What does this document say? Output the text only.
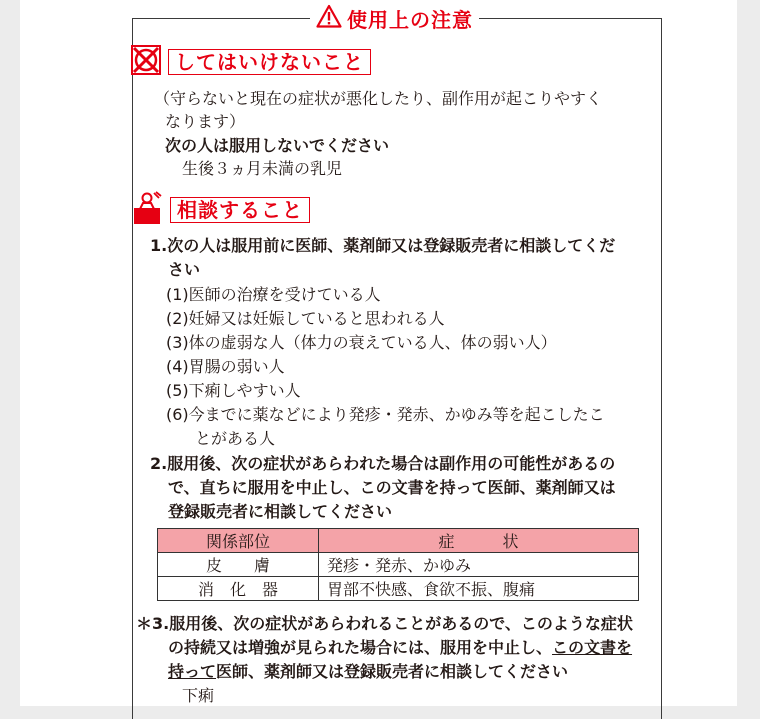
使用上の注意
してはいけないこと
（守らないと現在の症状が悪化したり、副作用が起こりやすく
なります）
次の人は服用しないでください
生後３ヵ月未満の乳児
相談すること
1.次の人は服用前に医師、薬剤師又は登録販売者に相談してくだ
さい
(1)医師の治療を受けている人
(2)妊婦又は妊娠していると思われる人
(3)体の虚弱な人（体力の衰えている人、体の弱い人）
(4)胃腸の弱い人
(5)下痢しやすい人
(6)今までに薬などにより発疹・発赤、かゆみ等を起こしたこ
とがある人
2.服用後、次の症状があらわれた場合は副作用の可能性があるの
で、直ちに服用を中止し、この文書を持って医師、薬剤師又は
登録販売者に相談してください
関係部位	症　　　状
皮　　膚	発疹・発赤、かゆみ
消　化　器	胃部不快感、食欲不振、腹痛
＊3.服用後、次の症状があらわれることがあるので、このような症状
の持続又は増強が見られた場合には、服用を中止し、この文書を
持って医師、薬剤師又は登録販売者に相談してください
下痢
